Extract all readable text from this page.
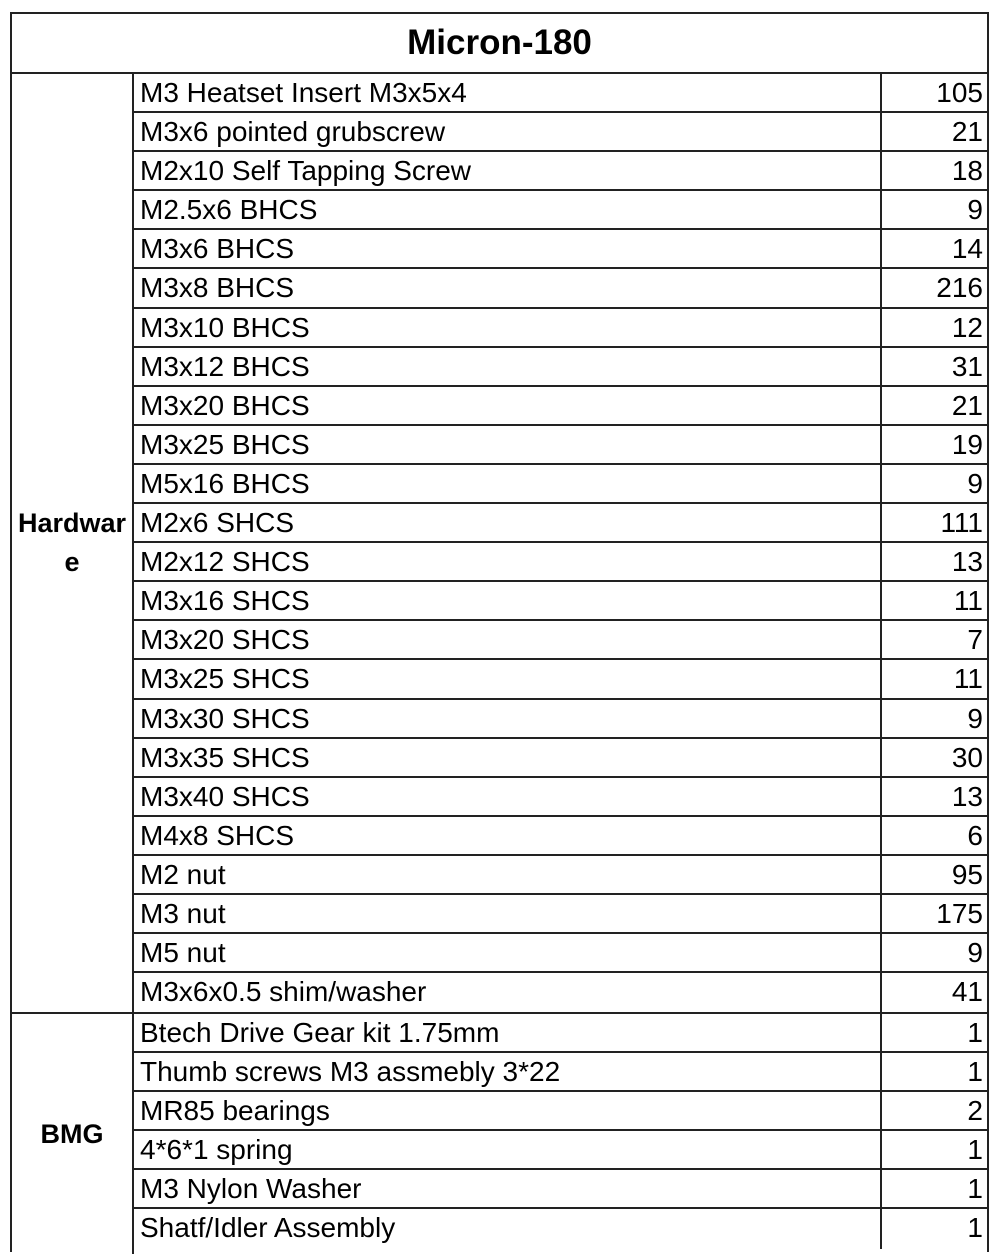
Micron-180
Hardware
M3 Heatset Insert M3x5x4	105
M3x6 pointed grubscrew	21
M2x10 Self Tapping Screw	18
M2.5x6 BHCS	9
M3x6 BHCS	14
M3x8 BHCS	216
M3x10 BHCS	12
M3x12 BHCS	31
M3x20 BHCS	21
M3x25 BHCS	19
M5x16 BHCS	9
M2x6 SHCS	111
M2x12 SHCS	13
M3x16 SHCS	11
M3x20 SHCS	7
M3x25 SHCS	11
M3x30 SHCS	9
M3x35 SHCS	30
M3x40 SHCS	13
M4x8 SHCS	6
M2 nut	95
M3 nut	175
M5 nut	9
M3x6x0.5 shim/washer	41
BMG
Btech Drive Gear kit 1.75mm	1
Thumb screws M3 assmebly 3*22	1
MR85 bearings	2
4*6*1 spring	1
M3 Nylon Washer	1
Shatf/Idler Assembly	1
